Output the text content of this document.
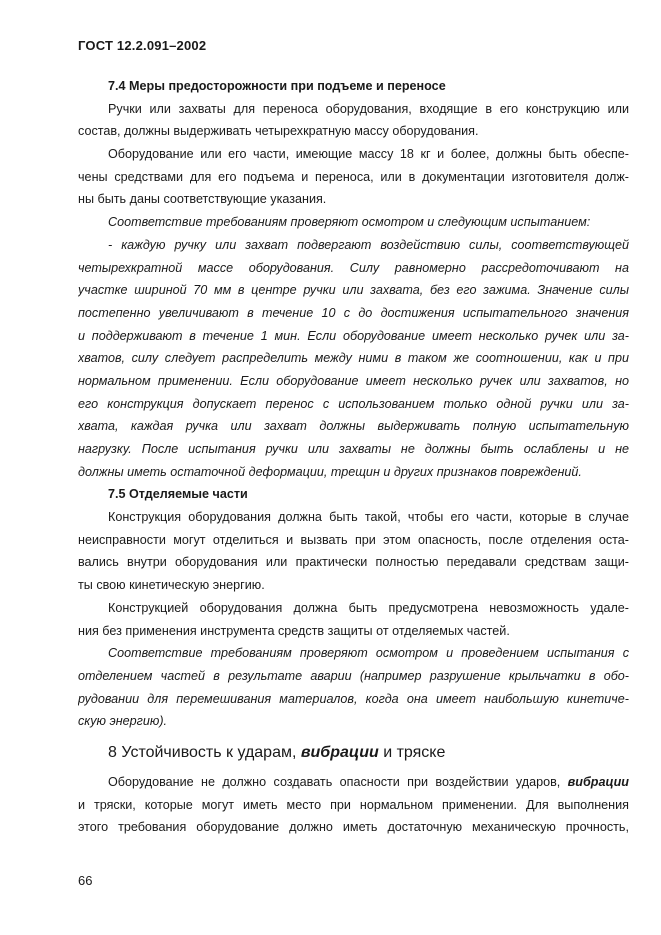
ГОСТ 12.2.091–2002
7.4 Меры предосторожности при подъеме и переносе
Ручки или захваты для переноса оборудования, входящие в его конструкцию или
состав, должны выдерживать четырехкратную массу оборудования.
Оборудование или его части, имеющие массу 18 кг и более, должны быть обеспе-
чены средствами для его подъема и переноса, или в документации изготовителя долж-
ны быть даны соответствующие указания.
Соответствие требованиям проверяют осмотром и следующим испытанием:
- каждую ручку или захват подвергают воздействию силы, соответствующей
четырехкратной массе оборудования. Силу равномерно рассредоточивают на
участке шириной 70 мм в центре ручки или захвата, без его зажима. Значение силы
постепенно увеличивают в течение 10 с до достижения испытательного значения
и поддерживают в течение 1 мин. Если оборудование имеет несколько ручек или за-
хватов, силу следует распределить между ними в таком же соотношении, как и при
нормальном применении. Если оборудование имеет несколько ручек или захватов, но
его конструкция допускает перенос с использованием только одной ручки или за-
хвата, каждая ручка или захват должны выдерживать полную испытательную
нагрузку. После испытания ручки или захваты не должны быть ослаблены и не
должны иметь остаточной деформации, трещин и других признаков повреждений.
7.5 Отделяемые части
Конструкция оборудования должна быть такой, чтобы его части, которые в случае
неисправности могут отделиться и вызвать при этом опасность, после отделения оста-
вались внутри оборудования или практически полностью передавали средствам защи-
ты свою кинетическую энергию.
Конструкцией оборудования должна быть предусмотрена невозможность удале-
ния без применения инструмента средств защиты от отделяемых частей.
Соответствие требованиям проверяют осмотром и проведением испытания с
отделением частей в результате аварии (например разрушение крыльчатки в обо-
рудовании для перемешивания материалов, когда она имеет наибольшую кинетиче-
скую энергию).
8 Устойчивость к ударам, вибрации и тряске
Оборудование не должно создавать опасности при воздействии ударов, вибрации
и тряски, которые могут иметь место при нормальном применении. Для выполнения
этого требования оборудование должно иметь достаточную механическую прочность,
66
